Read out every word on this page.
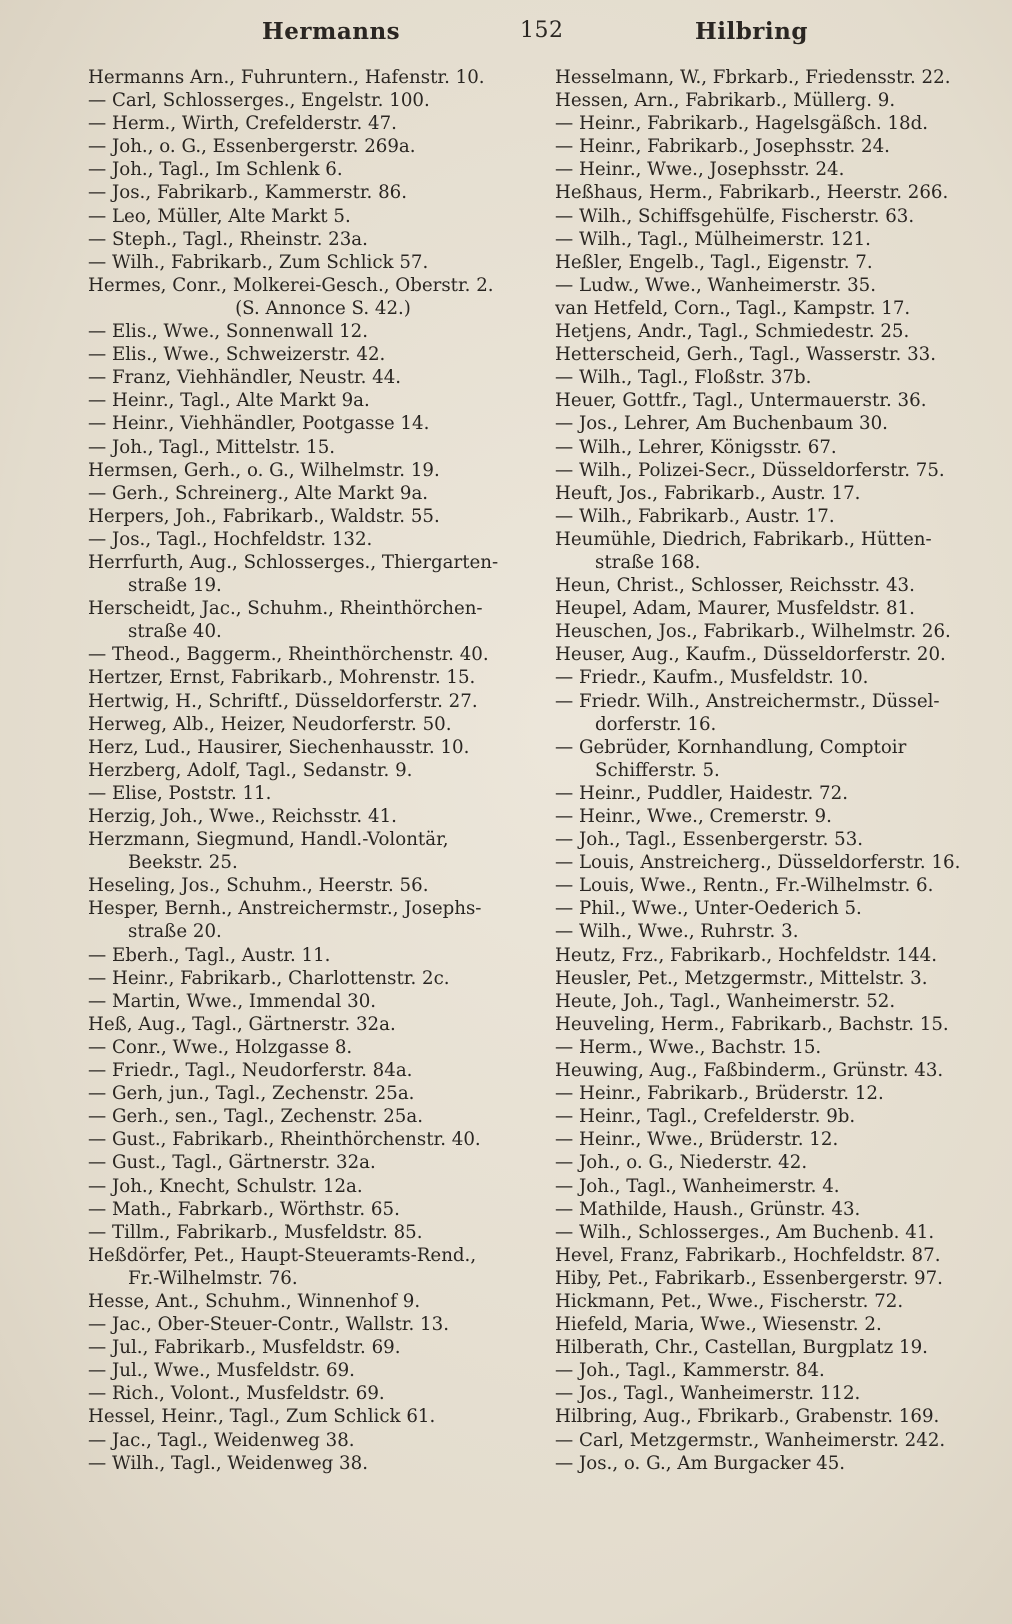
Hermanns	152	Hilbring
Hermanns Arn., Fuhruntern., Hafenstr. 10.
— Carl, Schlosserges., Engelstr. 100.
— Herm., Wirth, Crefelderstr. 47.
— Joh., o. G., Essenbergerstr. 269a.
— Joh., Tagl., Im Schlenk 6.
— Jos., Fabrikarb., Kammerstr. 86.
— Leo, Müller, Alte Markt 5.
— Steph., Tagl., Rheinstr. 23a.
— Wilh., Fabrikarb., Zum Schlick 57.
Hermes, Conr., Molkerei-Gesch., Oberstr. 2.
(S. Annonce S. 42.)
— Elis., Wwe., Sonnenwall 12.
— Elis., Wwe., Schweizerstr. 42.
— Franz, Viehhändler, Neustr. 44.
— Heinr., Tagl., Alte Markt 9a.
— Heinr., Viehhändler, Pootgasse 14.
— Joh., Tagl., Mittelstr. 15.
Hermsen, Gerh., o. G., Wilhelmstr. 19.
— Gerh., Schreinerg., Alte Markt 9a.
Herpers, Joh., Fabrikarb., Waldstr. 55.
— Jos., Tagl., Hochfeldstr. 132.
Herrfurth, Aug., Schlosserges., Thiergarten-
straße 19.
Herscheidt, Jac., Schuhm., Rheinthörchen-
straße 40.
— Theod., Baggerm., Rheinthörchenstr. 40.
Hertzer, Ernst, Fabrikarb., Mohrenstr. 15.
Hertwig, H., Schriftf., Düsseldorferstr. 27.
Herweg, Alb., Heizer, Neudorferstr. 50.
Herz, Lud., Hausirer, Siechenhausstr. 10.
Herzberg, Adolf, Tagl., Sedanstr. 9.
— Elise, Poststr. 11.
Herzig, Joh., Wwe., Reichsstr. 41.
Herzmann, Siegmund, Handl.-Volontär,
Beekstr. 25.
Heseling, Jos., Schuhm., Heerstr. 56.
Hesper, Bernh., Anstreichermstr., Josephs-
straße 20.
— Eberh., Tagl., Austr. 11.
— Heinr., Fabrikarb., Charlottenstr. 2c.
— Martin, Wwe., Immendal 30.
Heß, Aug., Tagl., Gärtnerstr. 32a.
— Conr., Wwe., Holzgasse 8.
— Friedr., Tagl., Neudorferstr. 84a.
— Gerh, jun., Tagl., Zechenstr. 25a.
— Gerh., sen., Tagl., Zechenstr. 25a.
— Gust., Fabrikarb., Rheinthörchenstr. 40.
— Gust., Tagl., Gärtnerstr. 32a.
— Joh., Knecht, Schulstr. 12a.
— Math., Fabrkarb., Wörthstr. 65.
— Tillm., Fabrikarb., Musfeldstr. 85.
Heßdörfer, Pet., Haupt-Steueramts-Rend.,
Fr.-Wilhelmstr. 76.
Hesse, Ant., Schuhm., Winnenhof 9.
— Jac., Ober-Steuer-Contr., Wallstr. 13.
— Jul., Fabrikarb., Musfeldstr. 69.
— Jul., Wwe., Musfeldstr. 69.
— Rich., Volont., Musfeldstr. 69.
Hessel, Heinr., Tagl., Zum Schlick 61.
— Jac., Tagl., Weidenweg 38.
— Wilh., Tagl., Weidenweg 38.
Hesselmann, W., Fbrkarb., Friedensstr. 22.
Hessen, Arn., Fabrikarb., Müllerg. 9.
— Heinr., Fabrikarb., Hagelsgäßch. 18d.
— Heinr., Fabrikarb., Josephsstr. 24.
— Heinr., Wwe., Josephsstr. 24.
Heßhaus, Herm., Fabrikarb., Heerstr. 266.
— Wilh., Schiffsgehülfe, Fischerstr. 63.
— Wilh., Tagl., Mülheimerstr. 121.
Heßler, Engelb., Tagl., Eigenstr. 7.
— Ludw., Wwe., Wanheimerstr. 35.
van Hetfeld, Corn., Tagl., Kampstr. 17.
Hetjens, Andr., Tagl., Schmiedestr. 25.
Hetterscheid, Gerh., Tagl., Wasserstr. 33.
— Wilh., Tagl., Floßstr. 37b.
Heuer, Gottfr., Tagl., Untermauerstr. 36.
— Jos., Lehrer, Am Buchenbaum 30.
— Wilh., Lehrer, Königsstr. 67.
— Wilh., Polizei-Secr., Düsseldorferstr. 75.
Heuft, Jos., Fabrikarb., Austr. 17.
— Wilh., Fabrikarb., Austr. 17.
Heumühle, Diedrich, Fabrikarb., Hütten-
straße 168.
Heun, Christ., Schlosser, Reichsstr. 43.
Heupel, Adam, Maurer, Musfeldstr. 81.
Heuschen, Jos., Fabrikarb., Wilhelmstr. 26.
Heuser, Aug., Kaufm., Düsseldorferstr. 20.
— Friedr., Kaufm., Musfeldstr. 10.
— Friedr. Wilh., Anstreichermstr., Düssel-
dorferstr. 16.
— Gebrüder, Kornhandlung, Comptoir
Schifferstr. 5.
— Heinr., Puddler, Haidestr. 72.
— Heinr., Wwe., Cremerstr. 9.
— Joh., Tagl., Essenbergerstr. 53.
— Louis, Anstreicherg., Düsseldorferstr. 16.
— Louis, Wwe., Rentn., Fr.-Wilhelmstr. 6.
— Phil., Wwe., Unter-Oederich 5.
— Wilh., Wwe., Ruhrstr. 3.
Heutz, Frz., Fabrikarb., Hochfeldstr. 144.
Heusler, Pet., Metzgermstr., Mittelstr. 3.
Heute, Joh., Tagl., Wanheimerstr. 52.
Heuveling, Herm., Fabrikarb., Bachstr. 15.
— Herm., Wwe., Bachstr. 15.
Heuwing, Aug., Faßbinderm., Grünstr. 43.
— Heinr., Fabrikarb., Brüderstr. 12.
— Heinr., Tagl., Crefelderstr. 9b.
— Heinr., Wwe., Brüderstr. 12.
— Joh., o. G., Niederstr. 42.
— Joh., Tagl., Wanheimerstr. 4.
— Mathilde, Haush., Grünstr. 43.
— Wilh., Schlosserges., Am Buchenb. 41.
Hevel, Franz, Fabrikarb., Hochfeldstr. 87.
Hiby, Pet., Fabrikarb., Essenbergerstr. 97.
Hickmann, Pet., Wwe., Fischerstr. 72.
Hiefeld, Maria, Wwe., Wiesenstr. 2.
Hilberath, Chr., Castellan, Burgplatz 19.
— Joh., Tagl., Kammerstr. 84.
— Jos., Tagl., Wanheimerstr. 112.
Hilbring, Aug., Fbrikarb., Grabenstr. 169.
— Carl, Metzgermstr., Wanheimerstr. 242.
— Jos., o. G., Am Burgacker 45.
